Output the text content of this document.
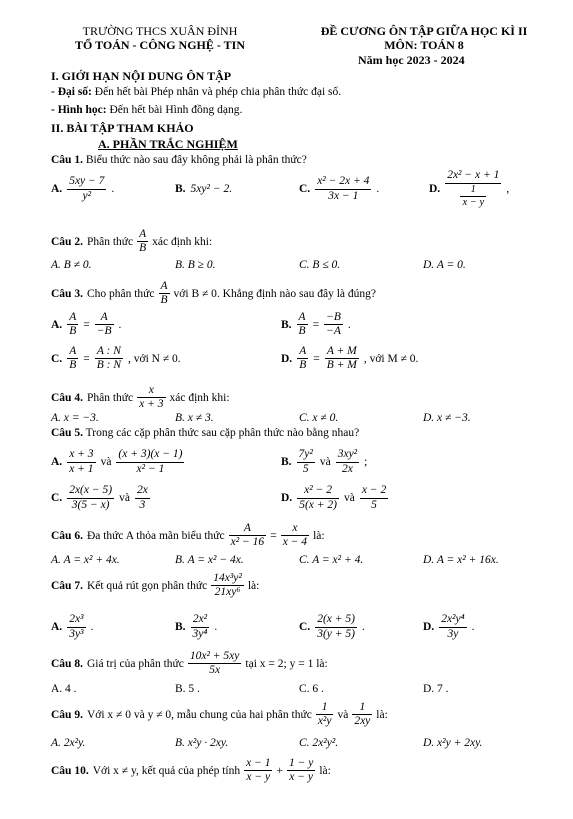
TRƯỜNG THCS XUÂN ĐỈNH
TỔ TOÁN - CÔNG NGHỆ - TIN
ĐỀ CƯƠNG ÔN TẬP GIỮA HỌC KÌ II
MÔN: TOÁN 8
Năm học 2023 - 2024
I. GIỚI HẠN NỘI DUNG ÔN TẬP
- Đại số: Đến hết bài Phép nhân và phép chia phân thức đại số.
- Hình học: Đến hết bài Hình đồng dạng.
II. BÀI TẬP THAM KHẢO
A. PHẦN TRẮC NGHIỆM
Câu 1. Biểu thức nào sau đây không phải là phân thức?
A. $\frac{5xy - 7}{\text{y²}}$ .	B. 5xy² − 2.	C. $\frac{\text{x² − 2x + 4}}{3x - 1}$ .	D. $\frac{\text{2x² − x + 1}}{\frac{1}{x - y}}$ ,
Câu 2. Phân thức $\frac{A}{B}$ xác định khi:
A. B ≠ 0.	B. B ≥ 0.	C. B ≤ 0.	D. A = 0.
Câu 3. Cho phân thức $\frac{A}{B}$ với B ≠ 0. Khẳng định nào sau đây là đúng?
A. $\frac{A}{B} = \frac{A}{-B}$ .	B. $\frac{A}{B} = \frac{-B}{-A}$ .
C. $\frac{A}{B} = \frac{A : N}{B : N}$ , với N ≠ 0.	D. $\frac{A}{B} = \frac{A + M}{B + M}$ , với M ≠ 0.
Câu 4. Phân thức $\frac{x}{x + 3}$ xác định khi:
A. x = −3.	B. x ≠ 3.	C. x ≠ 0.	D. x ≠ −3.
Câu 5. Trong các cặp phân thức sau cặp phân thức nào bằng nhau?
A. $\frac{x + 3}{x + 1}$ và $\frac{(x + 3)(x - 1)}{\text{x² − 1}}$	B. $\frac{\text{7y²}}{5}$ và $\frac{\text{3xy²}}{2x}$ ;
C. $\frac{2x(x - 5)}{3(5 - x)}$ và $\frac{2x}{3}$	D. $\frac{\text{x² − 2}}{5(x + 2)}$ và $\frac{x - 2}{5}$
Câu 6. Đa thức A thỏa mãn biểu thức $\frac{A}{\text{x² − 16}} = \frac{x}{x - 4}$ là:
A. A = x² + 4x.	B. A = x² − 4x.	C. A = x² + 4.	D. A = x² + 16x.
Câu 7. Kết quả rút gọn phân thức $\frac{\text{14x³y²}}{\text{21xy⁶}}$ là:
A. $\frac{\text{2x³}}{\text{3y³}}$ .	B. $\frac{\text{2x²}}{\text{3y⁴}}$ .	C. $\frac{2(x + 5)}{3(y + 5)}$ .	D. $\frac{\text{2x²y⁴}}{3y}$ .
Câu 8. Giá trị của phân thức $\frac{\text{10x² + 5xy}}{5x}$ tại x = 2; y = 1 là:
A. 4 .	B. 5 .	C. 6 .	D. 7 .
Câu 9. Với x ≠ 0 và y ≠ 0, mẫu chung của hai phân thức $\frac{1}{\text{x²y}}$ và $\frac{1}{2xy}$ là:
A. 2x²y.	B. x²y · 2xy.	C. 2x²y².	D. x²y + 2xy.
Câu 10. Với x ≠ y, kết quả của phép tính $\frac{x - 1}{x - y} + \frac{1 - y}{x - y}$ là:
